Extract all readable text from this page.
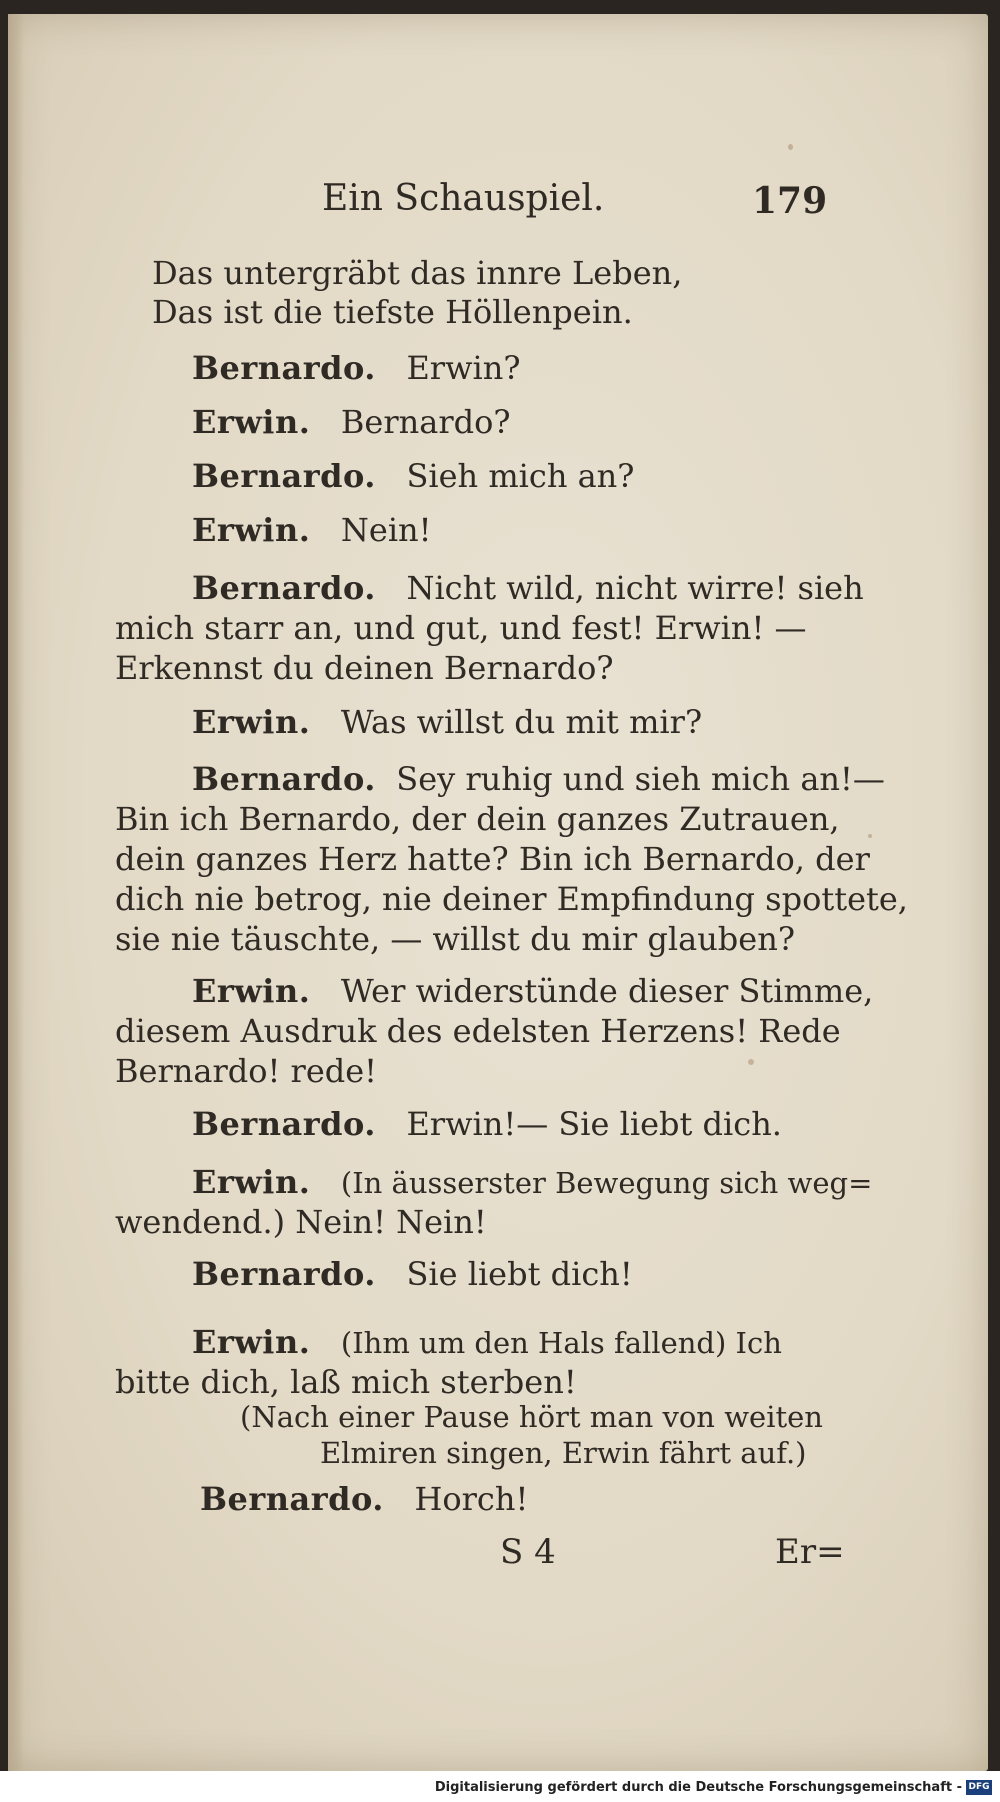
Ein Schauspiel.	179
Das untergräbt das innre Leben,
Das ist die tiefste Höllenpein.
Bernardo. Erwin?
Erwin. Bernardo?
Bernardo. Sieh mich an?
Erwin. Nein!
Bernardo. Nicht wild, nicht wirre! sieh
mich starr an, und gut, und fest! Erwin! —
Erkennst du deinen Bernardo?
Erwin. Was willst du mit mir?
Bernardo. Sey ruhig und sieh mich an!—
Bin ich Bernardo, der dein ganzes Zutrauen,
dein ganzes Herz hatte? Bin ich Bernardo, der
dich nie betrog, nie deiner Empfindung spottete,
sie nie täuschte, — willst du mir glauben?
Erwin. Wer widerstünde dieser Stimme,
diesem Ausdruk des edelsten Herzens! Rede
Bernardo! rede!
Bernardo. Erwin!— Sie liebt dich.
Erwin. (In äusserster Bewegung sich weg=
wendend.) Nein! Nein!
Bernardo. Sie liebt dich!
Erwin. (Ihm um den Hals fallend) Ich
bitte dich, laß mich sterben!
(Nach einer Pause hört man von weiten
Elmiren singen, Erwin fährt auf.)
Bernardo. Horch!
S 4	Er=
Digitalisierung gefördert durch die Deutsche Forschungsgemeinschaft - DFG
